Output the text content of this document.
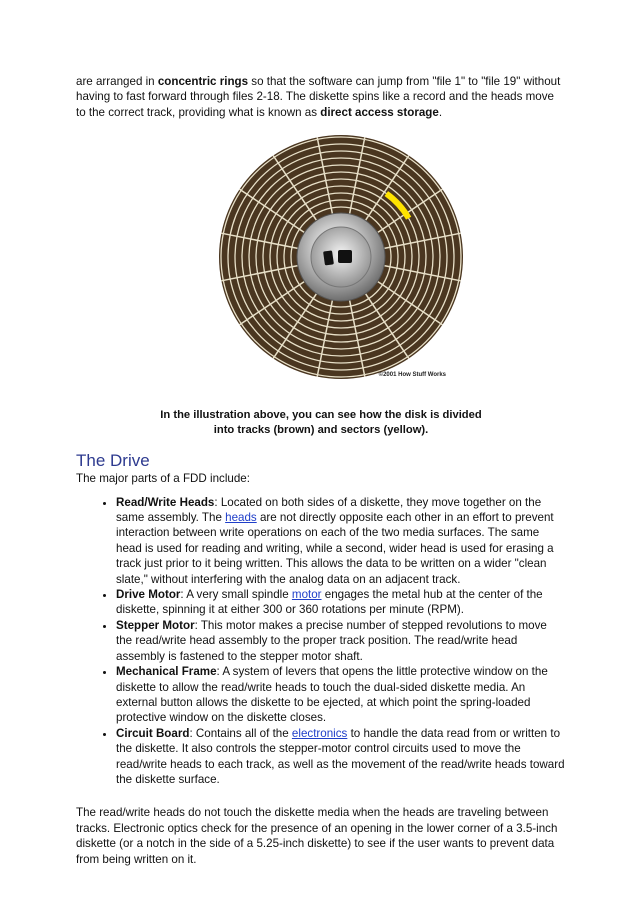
are arranged in concentric rings so that the software can jump from "file 1" to "file 19" without having to fast forward through files 2-18. The diskette spins like a record and the heads move to the correct track, providing what is known as direct access storage.

©2001 How Stuff Works
In the illustration above, you can see how the disk is divided
into tracks (brown) and sectors (yellow).
The Drive

The major parts of a FDD include:

• Read/Write Heads: Located on both sides of a diskette, they move together on the same assembly. The heads are not directly opposite each other in an effort to prevent interaction between write operations on each of the two media surfaces. The same head is used for reading and writing, while a second, wider head is used for erasing a track just prior to it being written. This allows the data to be written on a wider "clean slate," without interfering with the analog data on an adjacent track.
• Drive Motor: A very small spindle motor engages the metal hub at the center of the diskette, spinning it at either 300 or 360 rotations per minute (RPM).
• Stepper Motor: This motor makes a precise number of stepped revolutions to move the read/write head assembly to the proper track position. The read/write head assembly is fastened to the stepper motor shaft.
• Mechanical Frame: A system of levers that opens the little protective window on the diskette to allow the read/write heads to touch the dual-sided diskette media. An external button allows the diskette to be ejected, at which point the spring-loaded protective window on the diskette closes.
• Circuit Board: Contains all of the electronics to handle the data read from or written to the diskette. It also controls the stepper-motor control circuits used to move the read/write heads to each track, as well as the movement of the read/write heads toward the diskette surface.

The read/write heads do not touch the diskette media when the heads are traveling between tracks. Electronic optics check for the presence of an opening in the lower corner of a 3.5-inch diskette (or a notch in the side of a 5.25-inch diskette) to see if the user wants to prevent data from being written on it.
